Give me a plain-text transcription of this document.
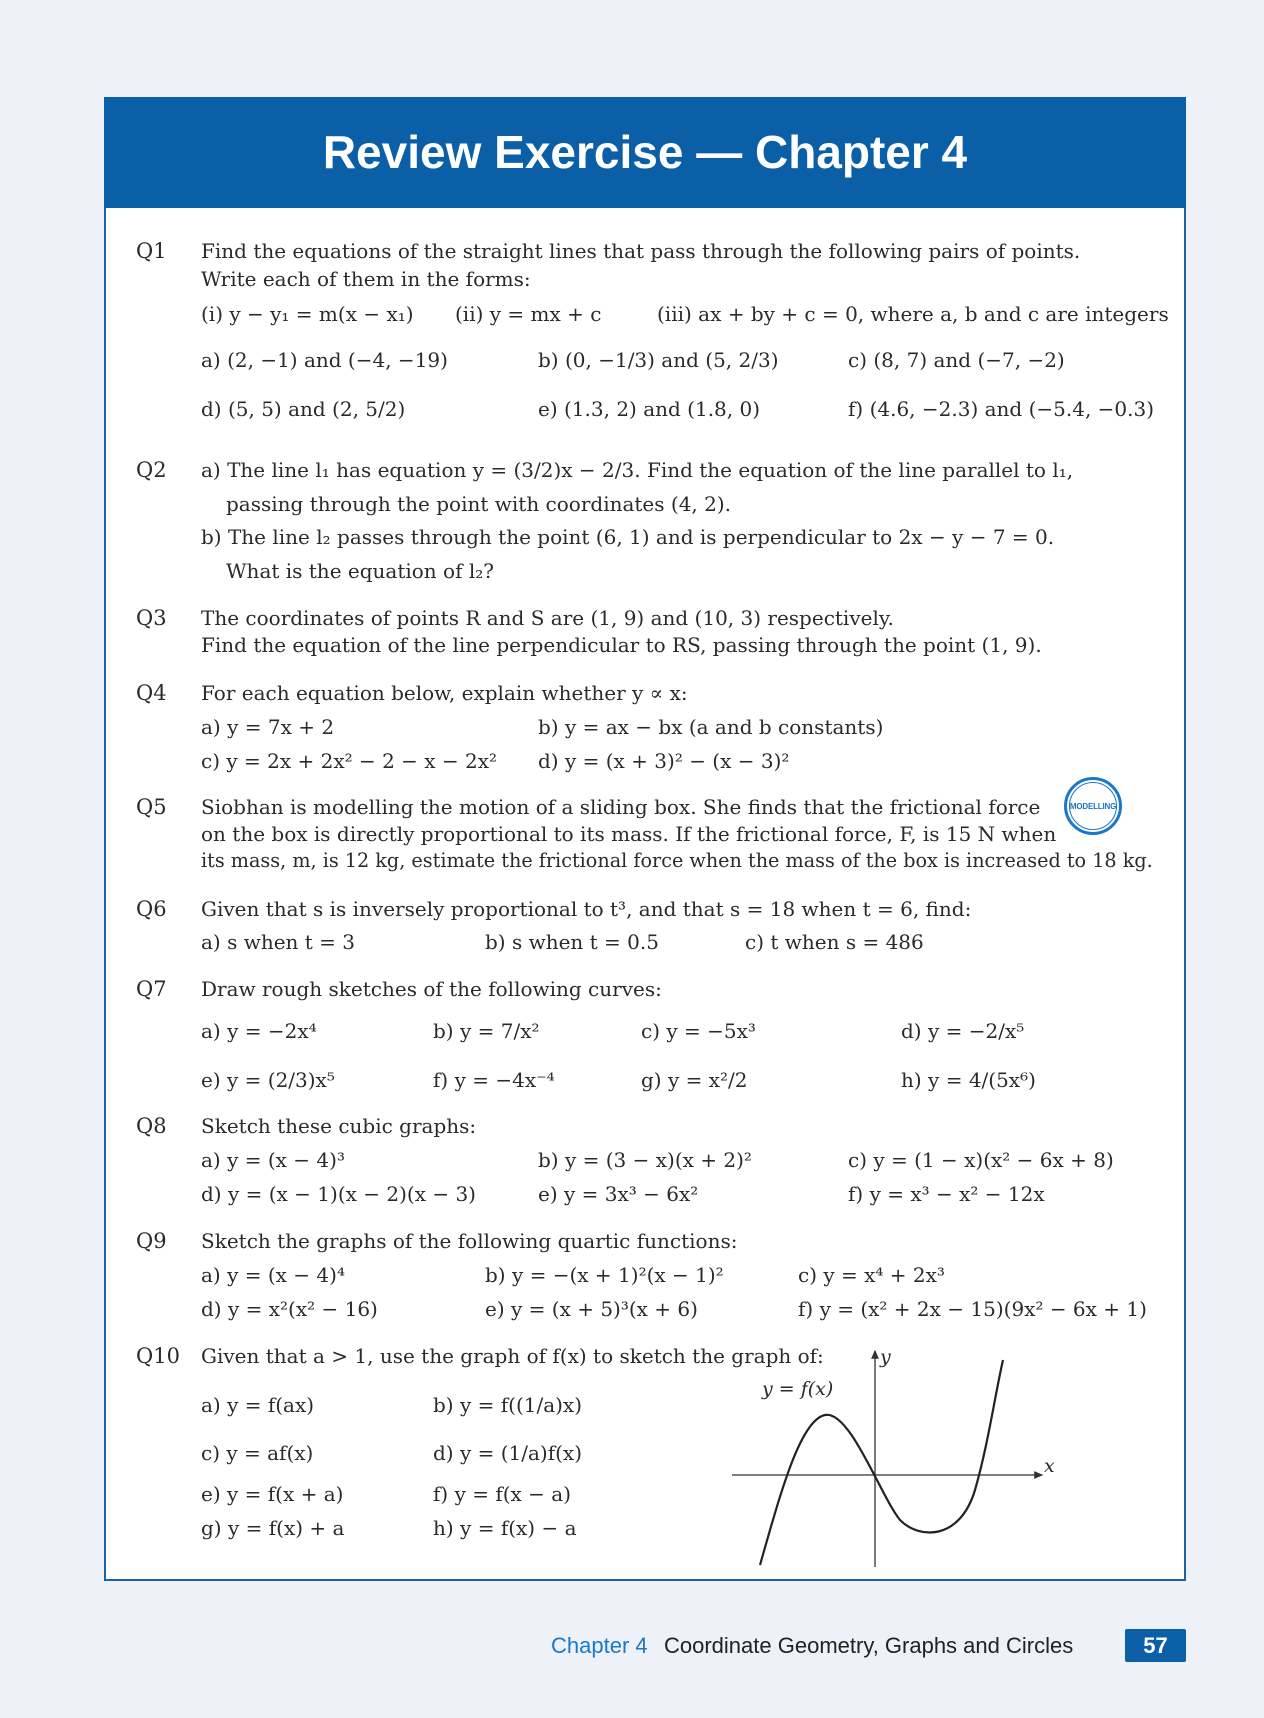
Review Exercise — Chapter 4
Q1 Find the equations of the straight lines that pass through the following pairs of points.
Write each of them in the forms:
(i) y − y₁ = m(x − x₁) (ii) y = mx + c	(iii) ax + by + c = 0, where a, b and c are integers
a) (2, −1) and (−4, −19)	b) (0, −1/3) and (5, 2/3)	c) (8, 7) and (−7, −2)
d) (5, 5) and (2, 5/2)	e) (1.3, 2) and (1.8, 0)	f) (4.6, −2.3) and (−5.4, −0.3)
Q2 a) The line l₁ has equation y = (3/2)x − 2/3. Find the equation of the line parallel to l₁,
passing through the point with coordinates (4, 2).
b) The line l₂ passes through the point (6, 1) and is perpendicular to 2x − y − 7 = 0.
What is the equation of l₂?
Q3 The coordinates of points R and S are (1, 9) and (10, 3) respectively.
Find the equation of the line perpendicular to RS, passing through the point (1, 9).
Q4 For each equation below, explain whether y ∝ x:
a) y = 7x + 2	b) y = ax − bx (a and b constants)
c) y = 2x + 2x² − 2 − x − 2x² d) y = (x + 3)² − (x − 3)²
Q5 Siobhan is modelling the motion of a sliding box. She finds that the frictional force
on the box is directly proportional to its mass. If the frictional force, F, is 15 N when
its mass, m, is 12 kg, estimate the frictional force when the mass of the box is increased to 18 kg.
MODELLING
Q6 Given that s is inversely proportional to t³, and that s = 18 when t = 6, find:
a) s when t = 3	b) s when t = 0.5	c) t when s = 486
Q7 Draw rough sketches of the following curves:
a) y = −2x⁴	b) y = 7/x²	c) y = −5x³	d) y = −2/x⁵
e) y = (2/3)x⁵	f) y = −4x⁻⁴	g) y = x²/2	h) y = 4/(5x⁶)
Q8 Sketch these cubic graphs:
a) y = (x − 4)³	b) y = (3 − x)(x + 2)²	c) y = (1 − x)(x² − 6x + 8)
d) y = (x − 1)(x − 2)(x − 3)	e) y = 3x³ − 6x²	f) y = x³ − x² − 12x
Q9 Sketch the graphs of the following quartic functions:
a) y = (x − 4)⁴	b) y = −(x + 1)²(x − 1)²	c) y = x⁴ + 2x³
d) y = x²(x² − 16)	e) y = (x + 5)³(x + 6)	f) y = (x² + 2x − 15)(9x² − 6x + 1)
Q10 Given that a > 1, use the graph of f(x) to sketch the graph of:
a) y = f(ax)	b) y = f((1/a)x)
c) y = af(x)	d) y = (1/a)f(x)
e) y = f(x + a)	f) y = f(x − a)
g) y = f(x) + a	h) y = f(x) − a
y = f(x)
x
y
Chapter 4 Coordinate Geometry, Graphs and Circles	57
